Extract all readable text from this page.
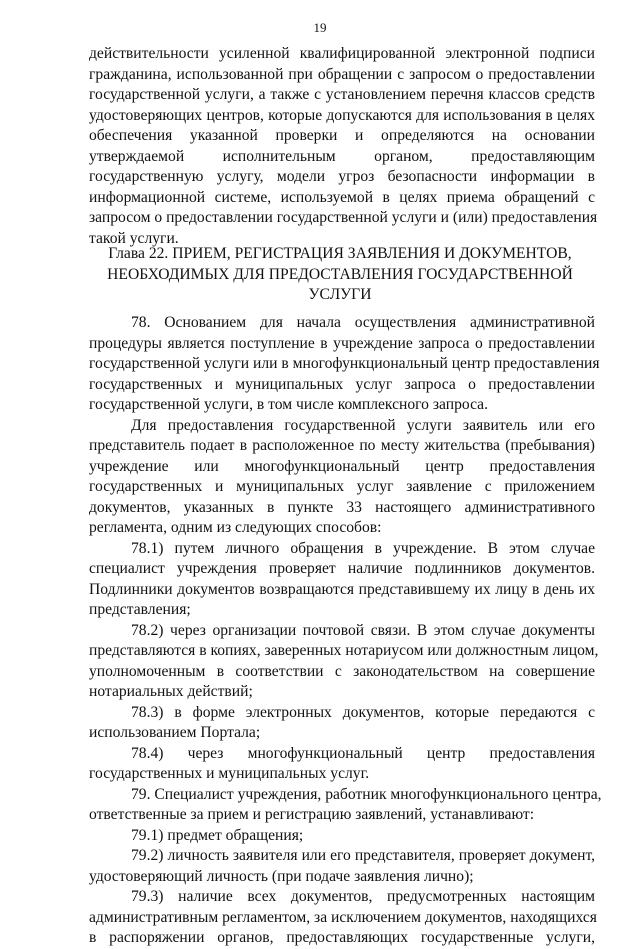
19
действительности усиленной квалифицированной электронной подписи
гражданина, использованной при обращении с запросом о предоставлении
государственной услуги, а также с установлением перечня классов средств
удостоверяющих центров, которые допускаются для использования в целях
обеспечения указанной проверки и определяются на основании
утверждаемой исполнительным органом, предоставляющим
государственную услугу, модели угроз безопасности информации в
информационной системе, используемой в целях приема обращений с
запросом о предоставлении государственной услуги и (или) предоставления
такой услуги.
Глава 22. ПРИЕМ, РЕГИСТРАЦИЯ ЗАЯВЛЕНИЯ И ДОКУМЕНТОВ,
НЕОБХОДИМЫХ ДЛЯ ПРЕДОСТАВЛЕНИЯ ГОСУДАРСТВЕННОЙ
УСЛУГИ
78. Основанием для начала осуществления административной
процедуры является поступление в учреждение запроса о предоставлении
государственной услуги или в многофункциональный центр предоставления
государственных и муниципальных услуг запроса о предоставлении
государственной услуги, в том числе комплексного запроса.
Для предоставления государственной услуги заявитель или его
представитель подает в расположенное по месту жительства (пребывания)
учреждение или многофункциональный центр предоставления
государственных и муниципальных услуг заявление с приложением
документов, указанных в пункте 33 настоящего административного
регламента, одним из следующих способов:
78.1) путем личного обращения в учреждение. В этом случае
специалист учреждения проверяет наличие подлинников документов.
Подлинники документов возвращаются представившему их лицу в день их
представления;
78.2) через организации почтовой связи. В этом случае документы
представляются в копиях, заверенных нотариусом или должностным лицом,
уполномоченным в соответствии с законодательством на совершение
нотариальных действий;
78.3) в форме электронных документов, которые передаются с
использованием Портала;
78.4) через многофункциональный центр предоставления
государственных и муниципальных услуг.
79. Специалист учреждения, работник многофункционального центра,
ответственные за прием и регистрацию заявлений, устанавливают:
79.1) предмет обращения;
79.2) личность заявителя или его представителя, проверяет документ,
удостоверяющий личность (при подаче заявления лично);
79.3) наличие всех документов, предусмотренных настоящим
административным регламентом, за исключением документов, находящихся
в распоряжении органов, предоставляющих государственные услуги,
